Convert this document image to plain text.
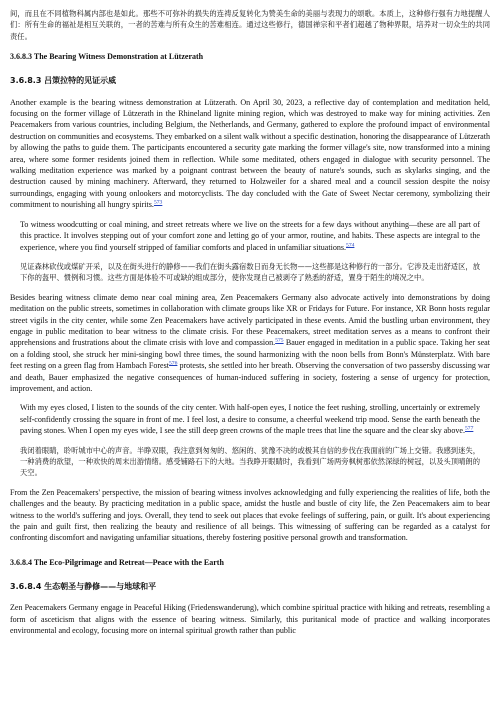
间，而且在不同植物科属内部也是如此。那些不可弥补的损失的连祷反复转化为赞美生命的美丽与表现力的颂歌。本质上，这种修行强有力地提醒人们：所有生命的福祉是相互关联的，一者的苦难与所有众生的苦难相连。通过这些修行，德国禅宗和平者们超越了物种界限，培养对一切众生的共同责任。

3.6.8.3 The Bearing Witness Demonstration at Lützerath
3.6.8.3 吕策拉特的见证示威

Another example is the bearing witness demonstration at Lützerath. On April 30, 2023, a reflective day of contemplation and meditation held, focusing on the former village of Lützerath in the Rhineland lignite mining region, which was destroyed to make way for mining activities. Zen Peacemakers from various countries, including Belgium, the Netherlands, and Germany, gathered to explore the profound impact of environmental destruction on communities and ecosystems. They embarked on a silent walk without a specific destination, honoring the disappearance of Lützerath by allowing the paths to guide them. The participants encountered a security gate marking the former village's site, now transformed into a mining area, where some former residents joined them in reflection. While some meditated, others engaged in dialogue with security personnel. The walking meditation experience was marked by a poignant contrast between the beauty of nature's sounds, such as skylarks singing, and the destruction caused by mining machinery. Afterward, they returned to Holzweiler for a shared meal and a council session despite the noisy surroundings, engaging with young onlookers and motorcyclists. The day concluded with the Gate of Sweet Nectar ceremony, symbolizing their commitment to nourishing all hungry spirits.$^{573}$

To witness woodcutting or coal mining, and street retreats where we live on the streets for a few days without anything—these are all part of this practice. It involves stepping out of your comfort zone and letting go of your armor, routine, and habits. These aspects are integral to the experience, where you find yourself stripped of familiar comforts and placed in unfamiliar situations.$^{574}$

见证森林砍伐或煤矿开采，以及在街头进行的静修——我们在街头露宿数日而身无长物——这些都是这种修行的一部分。它涉及走出舒适区，放下你的盔甲、惯例和习惯。这些方面是体验不可或缺的组成部分，使你发现自己被剥夺了熟悉的舒适，置身于陌生的境况之中。

Besides bearing witness climate demo near coal mining area, Zen Peacemakers Germany also advocate actively into demonstrations by doing meditation on the public streets, sometimes in collaboration with climate groups like XR or Fridays for Future. For instance, XR Bonn hosts regular street vigils in the city center, while some Zen Peacemakers have actively participated in these events. Amid the bustling urban environment, they engage in public meditation to bear witness to the climate crisis. For these Peacemakers, street meditation serves as a means to confront their apprehensions and frustrations about the climate crisis with love and compassion.$^{575}$ Bauer engaged in meditation in a public space. Taking her seat on a folding stool, she struck her mini-singing bowl three times, the sound harmonizing with the noon bells from Bonn's Münsterplatz. With bare feet resting on a green flag from Hambach Forest$^{576}$ protests, she settled into her breath. Observing the conversation of two passersby discussing war and death, Bauer emphasized the negative consequences of human-induced suffering in society, fostering a sense of urgency for protection, improvement, and action.

With my eyes closed, I listen to the sounds of the city center. With half-open eyes, I notice the feet rushing, strolling, uncertainly or extremely self-confidently crossing the square in front of me. I feel lost, a desire to consume, a cheerful weekend trip mood. Sense the earth beneath the paving stones. When I open my eyes wide, I see the still deep green crowns of the maple trees that line the square and the clear sky above.$^{577}$

我闭着眼睛，聆听城市中心的声音。半睁双眼，我注意到匆匆的、悠闲的、犹豫不决的或极其自信的步伐在我面前的广场上交错。我感到迷失，一种消费的欲望，一种欢快的周末出游情绪。感受铺路石下的大地。当我睁开眼睛时，我看到广场两旁枫树那依然深绿的树冠，以及头顶晴朗的天空。

From the Zen Peacemakers' perspective, the mission of bearing witness involves acknowledging and fully experiencing the realities of life, both the challenges and the beauty. By practicing meditation in a public space, amidst the hustle and bustle of city life, the Zen Peacemakers aim to bear witness to the world's suffering and joys. Overall, they tend to seek out places that evoke feelings of suffering, pain, or guilt. It's about experiencing the pain and guilt first, then realizing the beauty and resilience of all beings. This witnessing of suffering can be regarded as a catalyst for confronting discomfort and navigating unfamiliar situations, thereby fostering positive personal growth and transformation.

3.6.8.4 The Eco-Pilgrimage and Retreat—Peace with the Earth
3.6.8.4 生态朝圣与静修——与地球和平

Zen Peacemakers Germany engage in Peaceful Hiking (Friedenswanderung), which combine spiritual practice with hiking and retreats, resembling a form of asceticism that aligns with the essence of bearing witness. Similarly, this puritanical mode of practice and walking incorporates environmental and ecology, focusing more on internal spiritual growth rather than public
